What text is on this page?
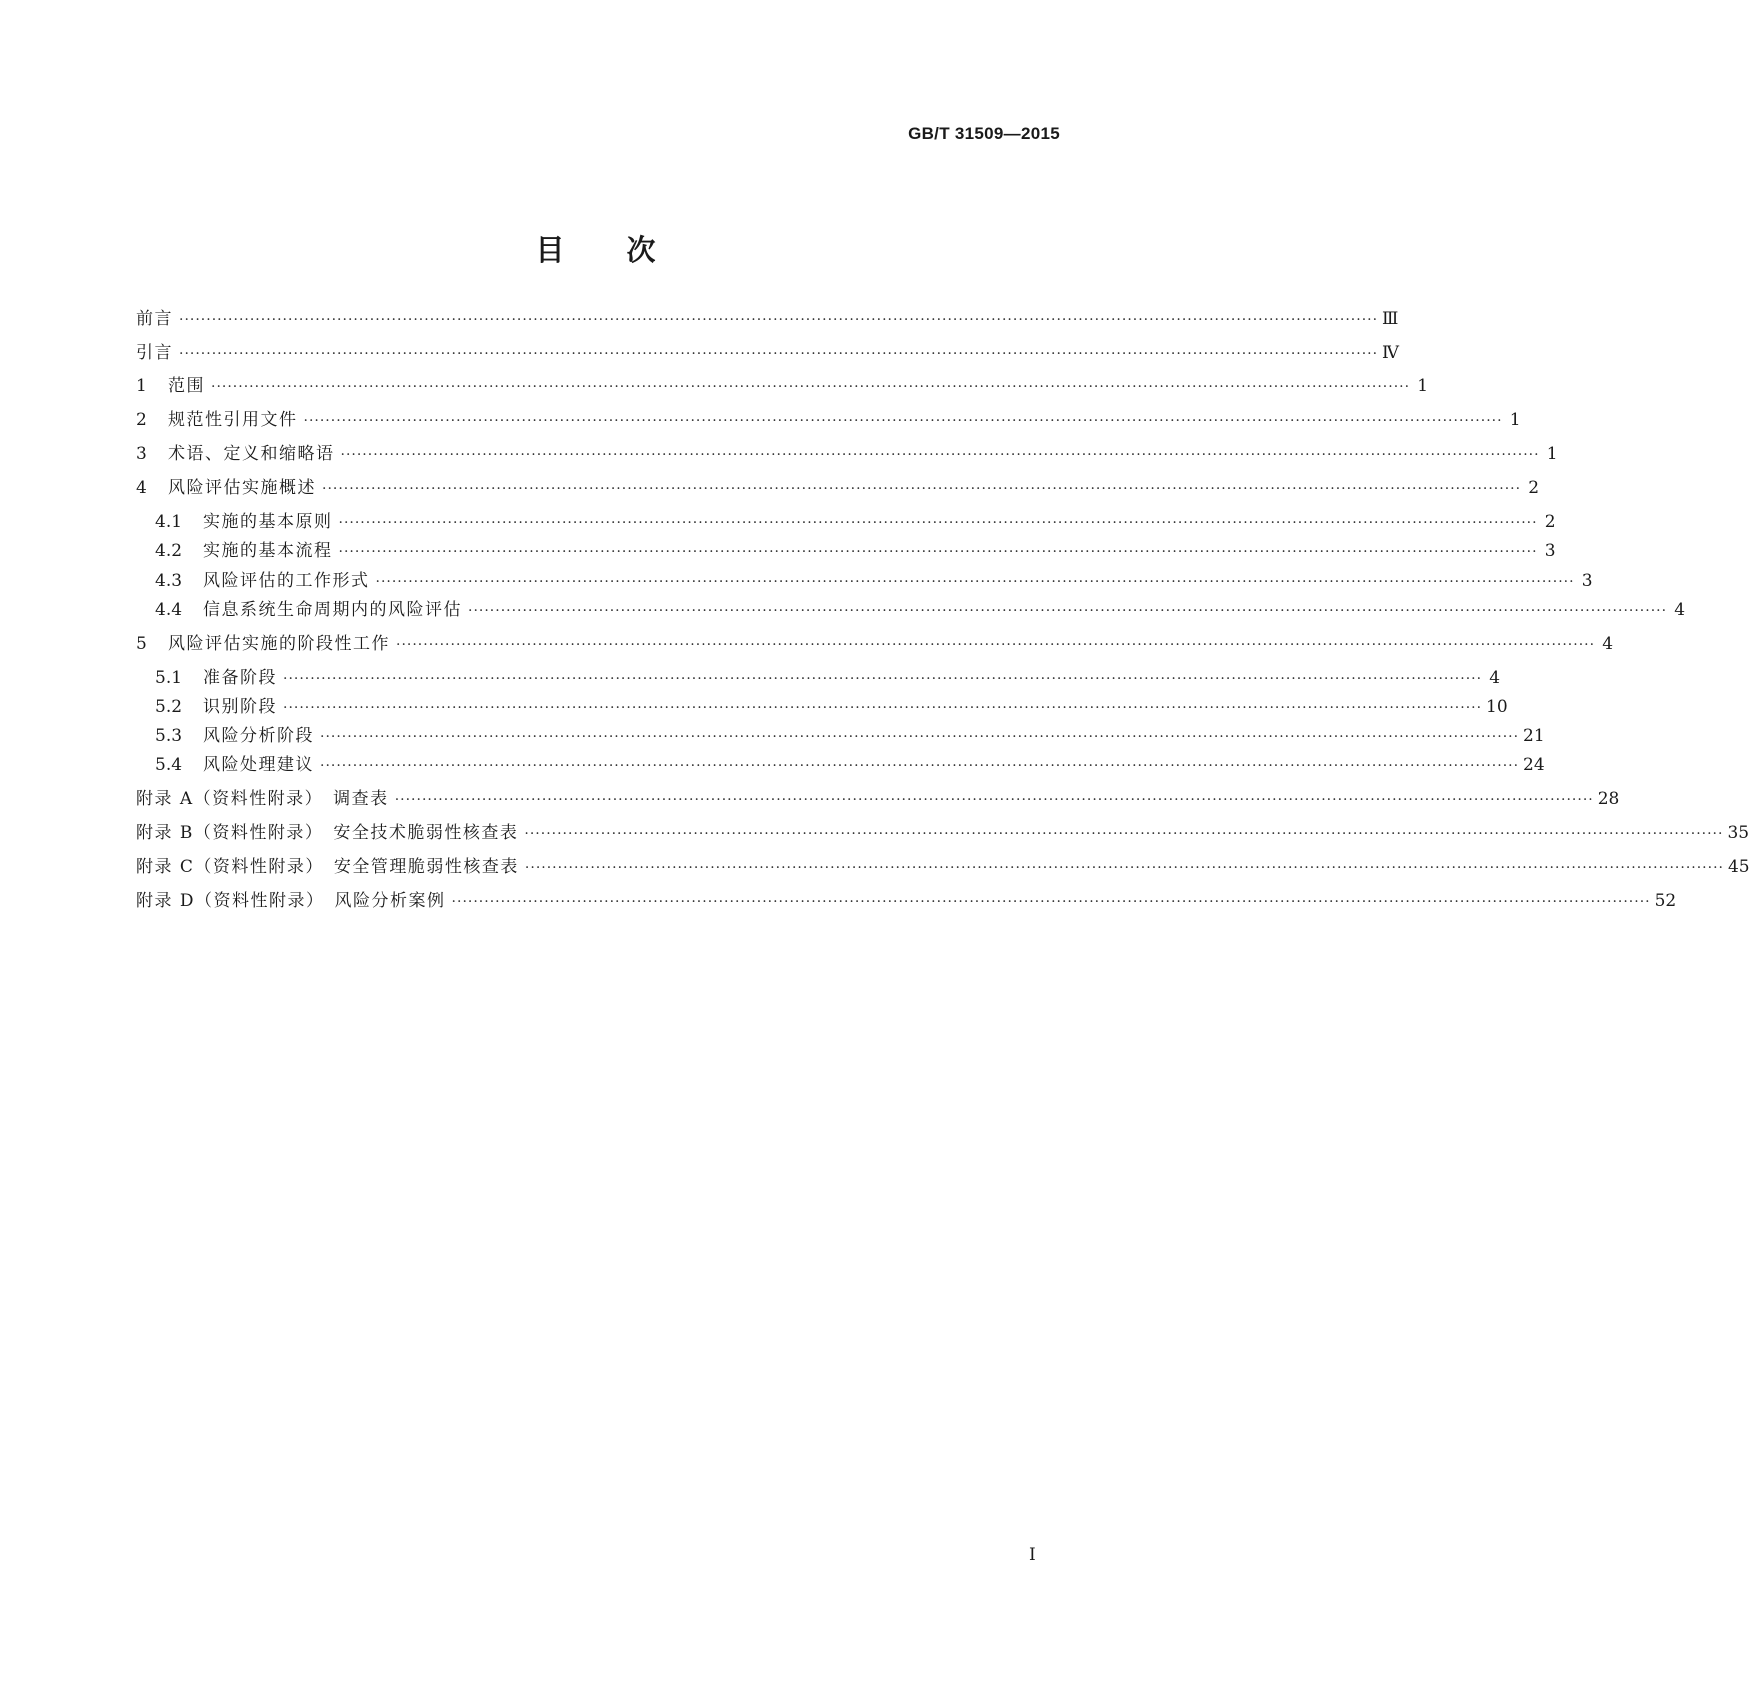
GB/T 31509—2015
目次
前言 ···························································································································································································································· Ⅲ
引言 ···························································································································································································································· Ⅳ
1	范围 ···························································································································································································································· 1
2	规范性引用文件 ···························································································································································································································· 1
3	术语、定义和缩略语 ···························································································································································································································· 1
4	风险评估实施概述 ···························································································································································································································· 2
4.1	实施的基本原则 ···························································································································································································································· 2
4.2	实施的基本流程 ···························································································································································································································· 3
4.3	风险评估的工作形式 ···························································································································································································································· 3
4.4	信息系统生命周期内的风险评估 ···························································································································································································································· 4
5	风险评估实施的阶段性工作 ···························································································································································································································· 4
5.1	准备阶段 ···························································································································································································································· 4
5.2	识别阶段 ···························································································································································································································· 10
5.3	风险分析阶段 ···························································································································································································································· 21
5.4	风险处理建议 ···························································································································································································································· 24
附录 A（资料性附录）　调查表 ···························································································································································································································· 28
附录 B（资料性附录）　安全技术脆弱性核查表 ···························································································································································································································· 35
附录 C（资料性附录）　安全管理脆弱性核查表 ···························································································································································································································· 45
附录 D（资料性附录）　风险分析案例 ···························································································································································································································· 52
I
